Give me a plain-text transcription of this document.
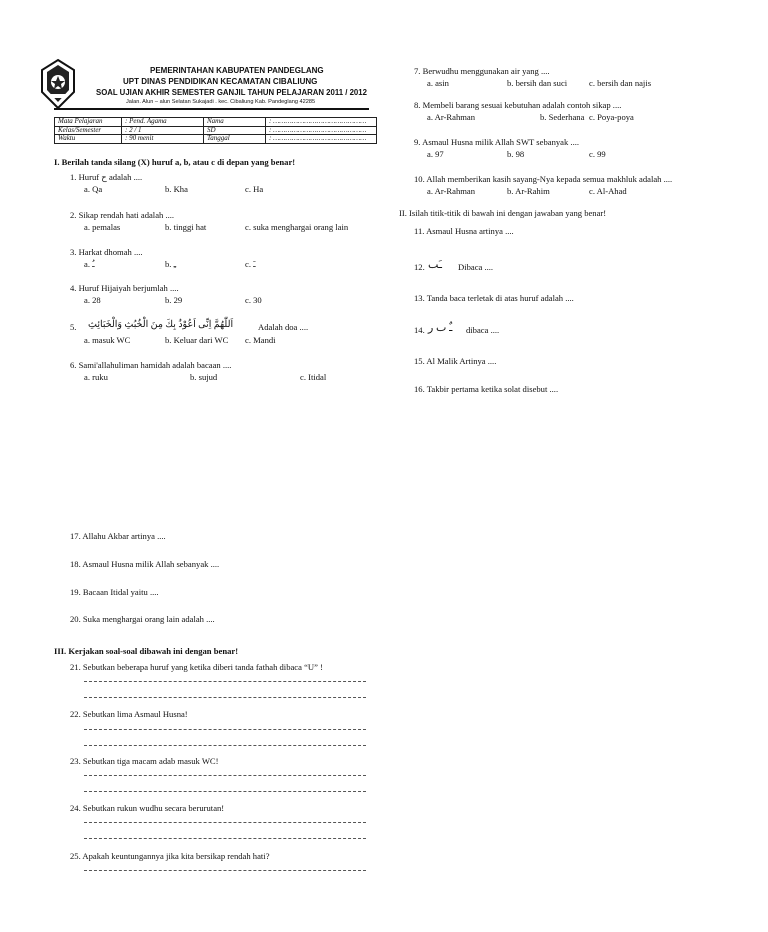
PEMERINTAHAN KABUPATEN PANDEGLANG
UPT DINAS PENDIDIKAN KECAMATAN CIBALIUNG
SOAL UJIAN AKHIR SEMESTER GANJIL TAHUN PELAJARAN 2011 / 2012
Jalan. Alun – alun Selatan Sukajadi . kec. Cibaliung Kab. Pandeglang 42285
Mata Pelajaran	: Pend. Agama	Nama	: ………………………………………
Kelas/Semester	: 2 / 1	SD	: ………………………………………
Waktu	: 90 menit	Tanggal	: ………………………………………
I. Berilah tanda silang (X) huruf a, b, atau c di depan yang benar!
1. Huruf ح adalah ....
a. Qa	b. Kha	c. Ha
2. Sikap rendah hati adalah ....
a. pemalas	b. tinggi hat	c. suka menghargai orang lain
3. Harkat dhomah ....
a. ـُ	b. ـِ	c. ـَ
4. Huruf Hijaiyah berjumlah ....
a. 28	b. 29	c. 30
5. اَللّٰهُمَّ اِنِّى اَعُوْذُ بِكَ مِنَ الْخُبُثِ وَالْخَبَائِثِ	Adalah doa ....
a. masuk WC	b. Keluar dari WC c. Mandi
6. Sami'allahuliman hamidah adalah bacaan ....
a. ruku	b. sujud	c. Itidal
7. Berwudhu menggunakan air yang ....
a. asin	b. bersih dan suci	c. bersih dan najis
8. Membeli barang sesuai kebutuhan adalah contoh sikap ....
a. Ar-Rahman	b. Sederhana c. Poya-poya
9. Asmaul Husna milik Allah SWT sebanyak ....
a. 97	b. 98	c. 99
10. Allah memberikan kasih sayang-Nya kepada semua makhluk adalah ....
a. Ar-Rahman	b. Ar-Rahim	c. Al-Ahad
II. Isilah titik-titik di bawah ini dengan jawaban yang benar!
11. Asmaul Husna artinya ....
12. ـَٮ Dibaca ....
13. Tanda baca terletak di atas huruf adalah ....
14. ـٌ ٮ ر dibaca ....
15. Al Malik Artinya ....
16. Takbir pertama ketika solat disebut ....
17. Allahu Akbar artinya ....
18. Asmaul Husna milik Allah sebanyak ....
19. Bacaan Itidal yaitu ....
20. Suka menghargai orang lain adalah ....
III. Kerjakan soal-soal dibawah ini dengan benar!
21. Sebutkan beberapa huruf yang ketika diberi tanda fathah dibaca “U” !
22. Sebutkan lima Asmaul Husna!
23. Sebutkan tiga macam adab masuk WC!
24. Sebutkan rukun wudhu secara berurutan!
25. Apakah keuntungannya jika kita bersikap rendah hati?
